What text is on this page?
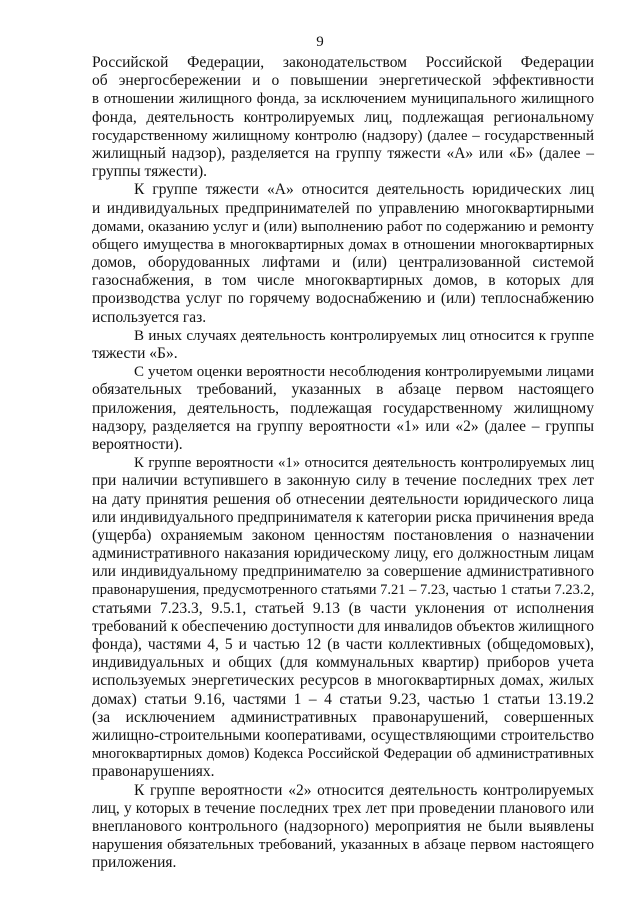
9
Российской Федерации, законодательством Российской Федерации
об энергосбережении и о повышении энергетической эффективности
в отношении жилищного фонда, за исключением муниципального жилищного
фонда, деятельность контролируемых лиц, подлежащая региональному
государственному жилищному контролю (надзору) (далее – государственный
жилищный надзор), разделяется на группу тяжести «А» или «Б» (далее –
группы тяжести).
К группе тяжести «А» относится деятельность юридических лиц
и индивидуальных предпринимателей по управлению многоквартирными
домами, оказанию услуг и (или) выполнению работ по содержанию и ремонту
общего имущества в многоквартирных домах в отношении многоквартирных
домов, оборудованных лифтами и (или) централизованной системой
газоснабжения, в том числе многоквартирных домов, в которых для
производства услуг по горячему водоснабжению и (или) теплоснабжению
используется газ.
В иных случаях деятельность контролируемых лиц относится к группе
тяжести «Б».
С учетом оценки вероятности несоблюдения контролируемыми лицами
обязательных требований, указанных в абзаце первом настоящего
приложения, деятельность, подлежащая государственному жилищному
надзору, разделяется на группу вероятности «1» или «2» (далее – группы
вероятности).
К группе вероятности «1» относится деятельность контролируемых лиц
при наличии вступившего в законную силу в течение последних трех лет
на дату принятия решения об отнесении деятельности юридического лица
или индивидуального предпринимателя к категории риска причинения вреда
(ущерба) охраняемым законом ценностям постановления о назначении
административного наказания юридическому лицу, его должностным лицам
или индивидуальному предпринимателю за совершение административного
правонарушения, предусмотренного статьями 7.21 – 7.23, частью 1 статьи 7.23.2,
статьями 7.23.3, 9.5.1, статьей 9.13 (в части уклонения от исполнения
требований к обеспечению доступности для инвалидов объектов жилищного
фонда), частями 4, 5 и частью 12 (в части коллективных (общедомовых),
индивидуальных и общих (для коммунальных квартир) приборов учета
используемых энергетических ресурсов в многоквартирных домах, жилых
домах) статьи 9.16, частями 1 – 4 статьи 9.23, частью 1 статьи 13.19.2
(за исключением административных правонарушений, совершенных
жилищно-строительными кооперативами, осуществляющими строительство
многоквартирных домов) Кодекса Российской Федерации об административных
правонарушениях.
К группе вероятности «2» относится деятельность контролируемых
лиц, у которых в течение последних трех лет при проведении планового или
внепланового контрольного (надзорного) мероприятия не были выявлены
нарушения обязательных требований, указанных в абзаце первом настоящего
приложения.
